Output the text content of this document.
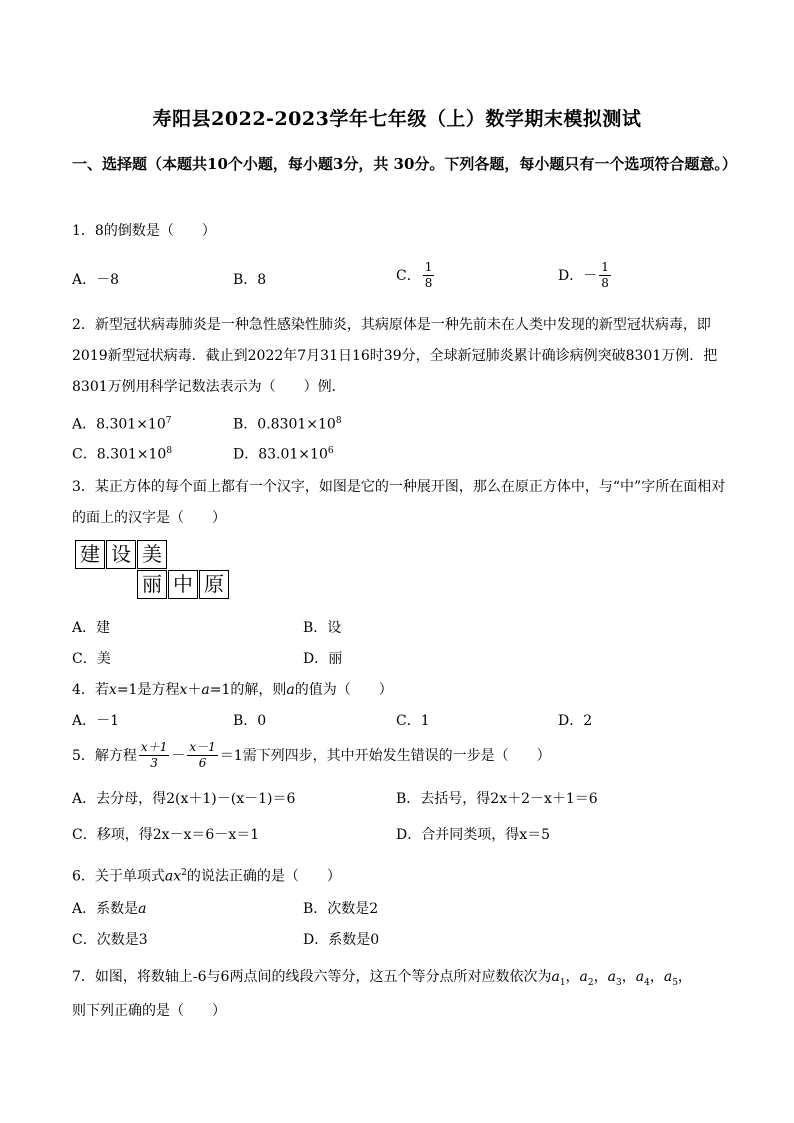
寿阳县2022-2023学年七年级（上）数学期末模拟测试
一、选择题（本题共10个小题，每小题3分，共 30分。下列各题，每小题只有一个选项符合题意。）
1．8的倒数是（　　）
A．－8	B．8	C． $\frac{1}{8}$	D．－ $\frac{1}{8}$
2．新型冠状病毒肺炎是一种急性感染性肺炎，其病原体是一种先前未在人类中发现的新型冠状病毒，即2019新型冠状病毒．截止到2022年7月31日16时39分，全球新冠肺炎累计确诊病例突破8301万例．把8301万例用科学记数法表示为（　　）例．
A．$8.301\times 10^7$	B．$0.8301\times 10^8$
C．$8.301\times 10^8$	D．$83.01\times 10^6$
3．某正方体的每个面上都有一个汉字，如图是它的一种展开图，那么在原正方体中，与“中”字所在面相对的面上的汉字是（　　）
建 设 美
丽 中 原
A．建	B．设
C．美	D．丽
4．若x=1是方程x＋a=1的解，则a的值为（　　）
A．－1	B．0	C．1	D．2
5．解方程 $\frac{x+1}{3} - \frac{x-1}{6} =1$需下列四步，其中开始发生错误的一步是（　　）
A．去分母，得2(x＋1)－(x－1)＝6	B．去括号，得2x＋2－x＋1＝6
C．移项，得2x－x＝6－x＝1	D．合并同类项，得x＝5
6．关于单项式$ax^2$的说法正确的是（　　）
A．系数是a	B．次数是2
C．次数是3	D．系数是0
7．如图，将数轴上-6与6两点间的线段六等分，这五个等分点所对应数依次为$a_1$，$a_2$，$a_3$，$a_4$，$a_5$，
则下列正确的是（　　）
